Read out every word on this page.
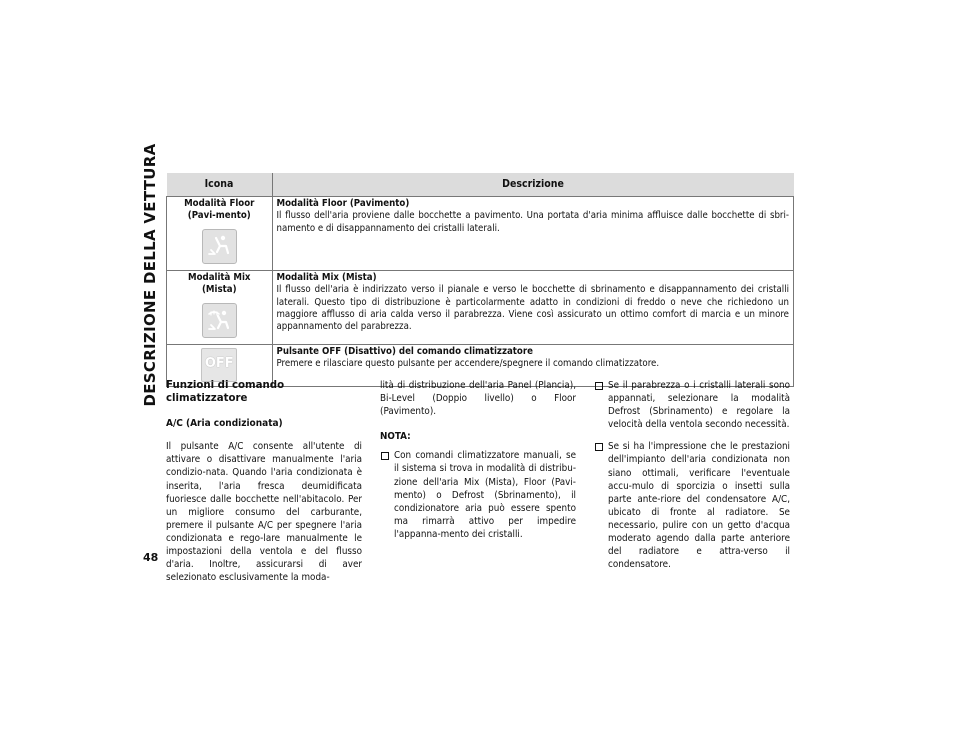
DESCRIZIONE DELLA VETTURA
48
Icona	Descrizione

Modalità Floor (Pavi-mento)	Modalità Floor (Pavimento)
Il flusso dell'aria proviene dalle bocchette a pavimento. Una portata d'aria minima affluisce dalle bocchette di sbri-namento e di disappannamento dei cristalli laterali.

Modalità Mix (Mista)	Modalità Mix (Mista)
Il flusso dell'aria è indirizzato verso il pianale e verso le bocchette di sbrinamento e disappannamento dei cristalli laterali. Questo tipo di distribuzione è particolarmente adatto in condizioni di freddo o neve che richiedono un maggiore afflusso di aria calda verso il parabrezza. Viene così assicurato un ottimo comfort di marcia e un minore appannamento del parabrezza.

OFF	Pulsante OFF (Disattivo) del comando climatizzatore
Premere e rilasciare questo pulsante per accendere/spegnere il comando climatizzatore.
Funzioni di comando climatizzatore
A/C (Aria condizionata)

Il pulsante A/C consente all'utente di attivare o disattivare manualmente l'aria condizio-nata. Quando l'aria condizionata è inserita, l'aria fresca deumidificata fuoriesce dalle bocchette nell'abitacolo. Per un migliore consumo del carburante, premere il pulsante A/C per spegnere l'aria condizionata e rego-lare manualmente le impostazioni della ventola e del flusso d'aria. Inoltre, assicurarsi di aver selezionato esclusivamente la moda-

lità di distribuzione dell'aria Panel (Plancia), Bi-Level (Doppio livello) o Floor (Pavimento).

NOTA:
Con comandi climatizzatore manuali, se il sistema si trova in modalità di distribu-zione dell'aria Mix (Mista), Floor (Pavi-mento) o Defrost (Sbrinamento), il condizionatore aria può essere spento ma rimarrà attivo per impedire l'appanna-mento dei cristalli.
Se il parabrezza o i cristalli laterali sono appannati, selezionare la modalità Defrost (Sbrinamento) e regolare la velocità della ventola secondo necessità.
Se si ha l'impressione che le prestazioni dell'impianto dell'aria condizionata non siano ottimali, verificare l'eventuale accu-mulo di sporcizia o insetti sulla parte ante-riore del condensatore A/C, ubicato di fronte al radiatore. Se necessario, pulire con un getto d'acqua moderato agendo dalla parte anteriore del radiatore e attra-verso il condensatore.
